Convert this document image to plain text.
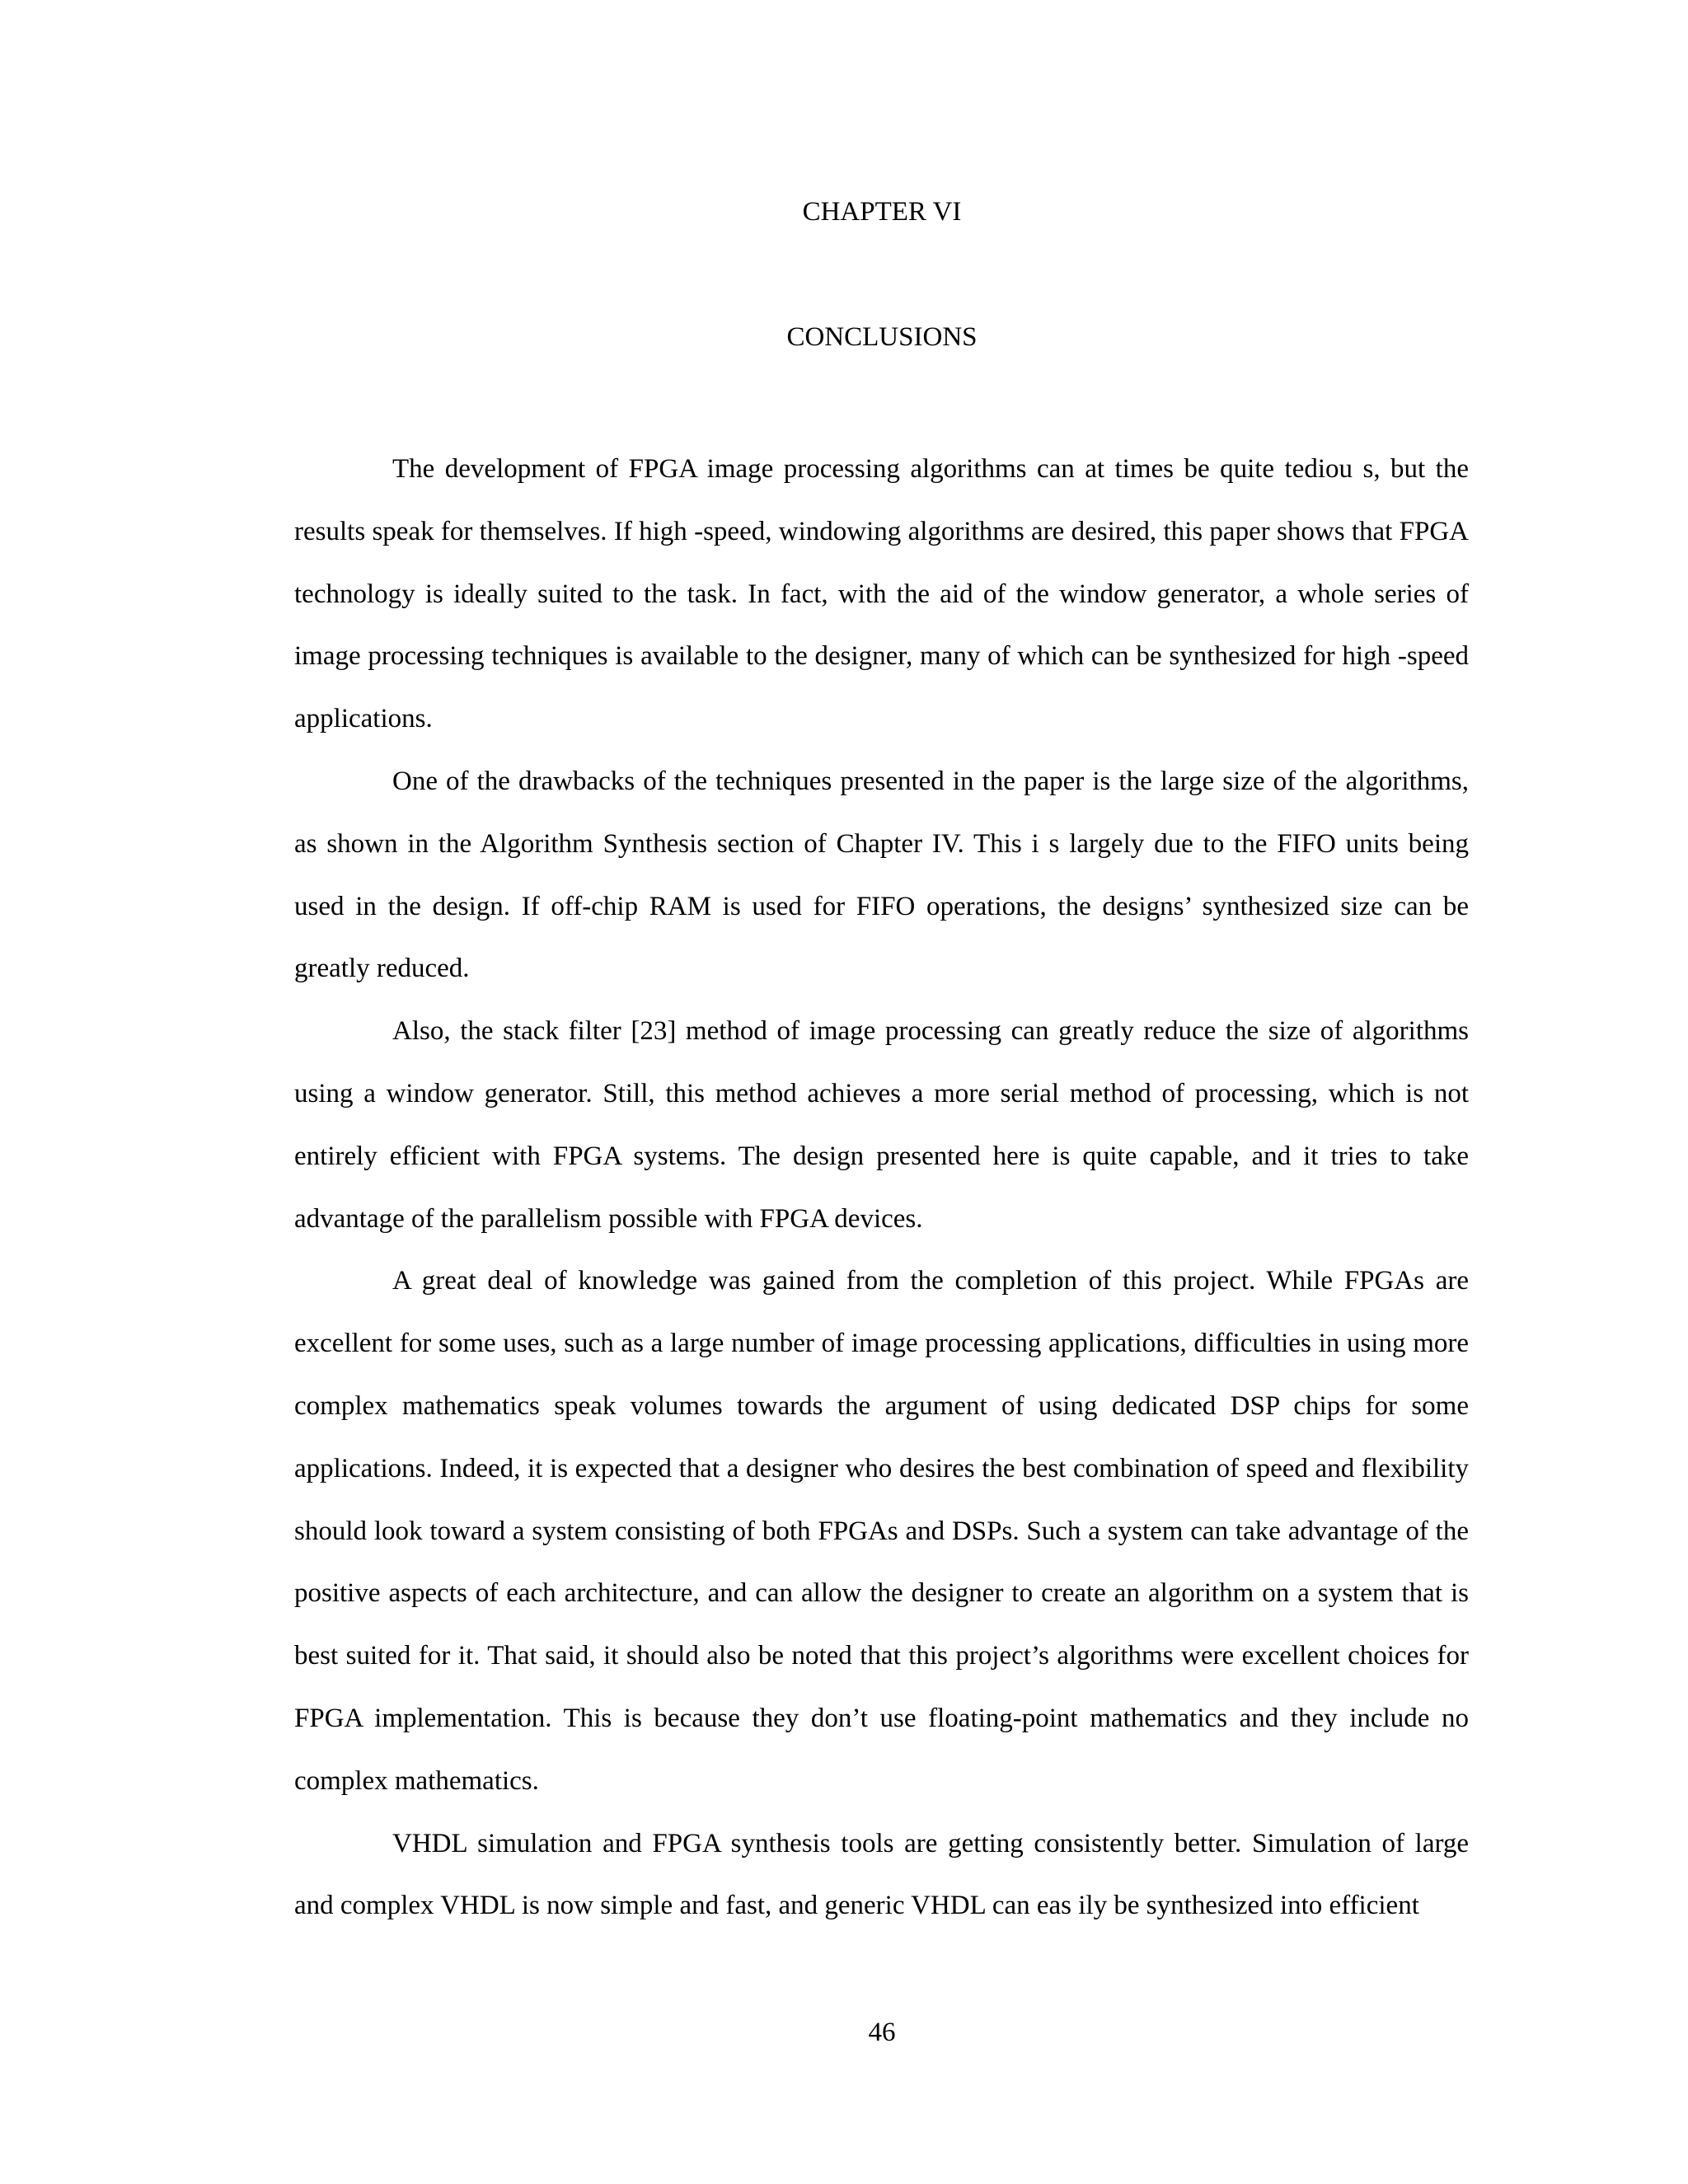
CHAPTER VI
CONCLUSIONS

The development of FPGA image processing algorithms can at times be quite tediou s, but the results speak for themselves. If high -speed, windowing algorithms are desired, this paper shows that FPGA technology is ideally suited to the task. In fact, with the aid of the window generator, a whole series of image processing techniques is available to the designer, many of which can be synthesized for high -speed applications.

One of the drawbacks of the techniques presented in the paper is the large size of the algorithms, as shown in the Algorithm Synthesis section of Chapter IV. This i s largely due to the FIFO units being used in the design. If off-chip RAM is used for FIFO operations, the designs’ synthesized size can be greatly reduced.

Also, the stack filter [23] method of image processing can greatly reduce the size of algorithms using a window generator. Still, this method achieves a more serial method of processing, which is not entirely efficient with FPGA systems. The design presented here is quite capable, and it tries to take advantage of the parallelism possible with FPGA devices.

A great deal of knowledge was gained from the completion of this project. While FPGAs are excellent for some uses, such as a large number of image processing applications, difficulties in using more complex mathematics speak volumes towards the argument of using dedicated DSP chips for some applications. Indeed, it is expected that a designer who desires the best combination of speed and flexibility should look toward a system consisting of both FPGAs and DSPs. Such a system can take advantage of the positive aspects of each architecture, and can allow the designer to create an algorithm on a system that is best suited for it. That said, it should also be noted that this project’s algorithms were excellent choices for FPGA implementation. This is because they don’t use floating-point mathematics and they include no complex mathematics.

VHDL simulation and FPGA synthesis tools are getting consistently better. Simulation of large and complex VHDL is now simple and fast, and generic VHDL can eas ily be synthesized into efficient

46
